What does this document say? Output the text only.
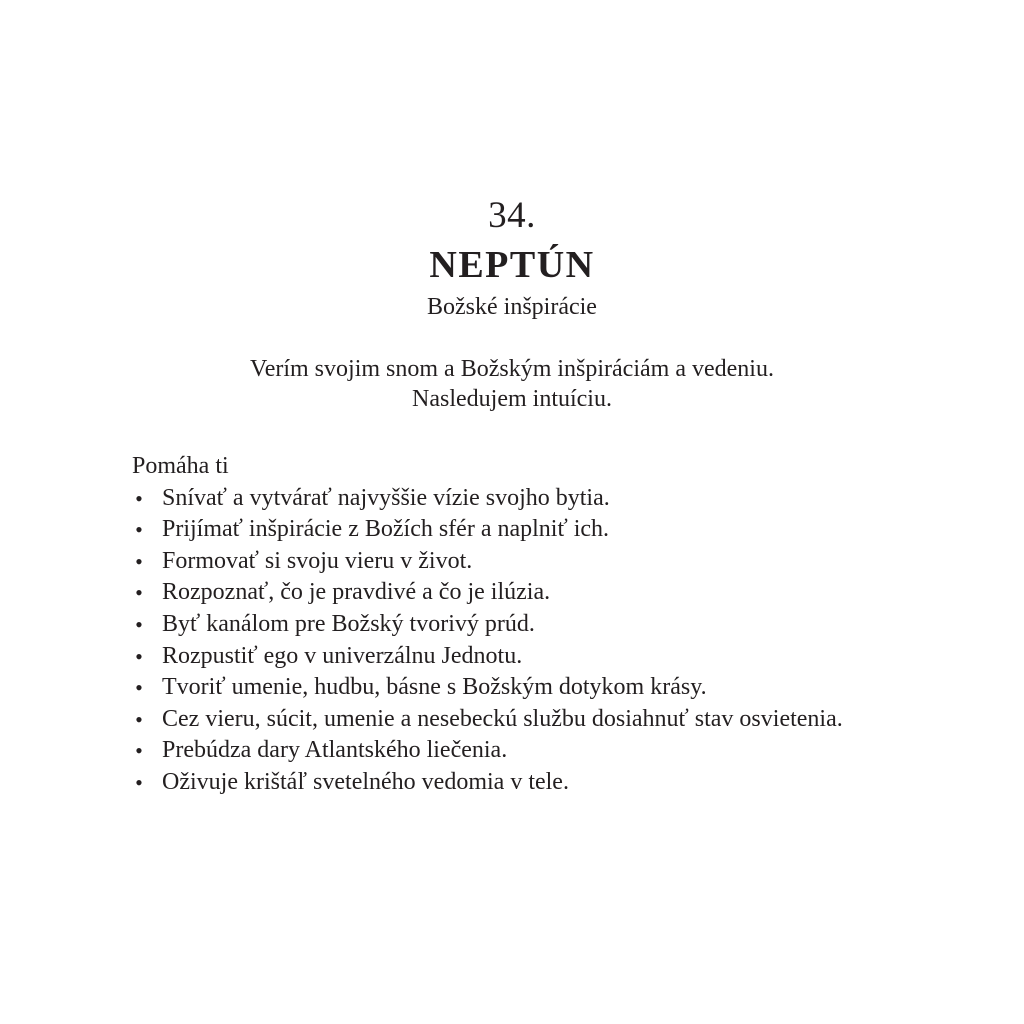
34.
NEPTÚN
Božské inšpirácie
Verím svojim snom a Božským inšpiráciám a vedeniu.
Nasledujem intuíciu.
Pomáha ti
• Snívať a vytvárať najvyššie vízie svojho bytia.
• Prijímať inšpirácie z Božích sfér a naplniť ich.
• Formovať si svoju vieru v život.
• Rozpoznať, čo je pravdivé a čo je ilúzia.
• Byť kanálom pre Božský tvorivý prúd.
• Rozpustiť ego v univerzálnu Jednotu.
• Tvoriť umenie, hudbu, básne s Božským dotykom krásy.
• Cez vieru, súcit, umenie a nesebeckú službu dosiahnuť stav osvietenia.
• Prebúdza dary Atlantského liečenia.
• Oživuje krištáľ svetelného vedomia v tele.
